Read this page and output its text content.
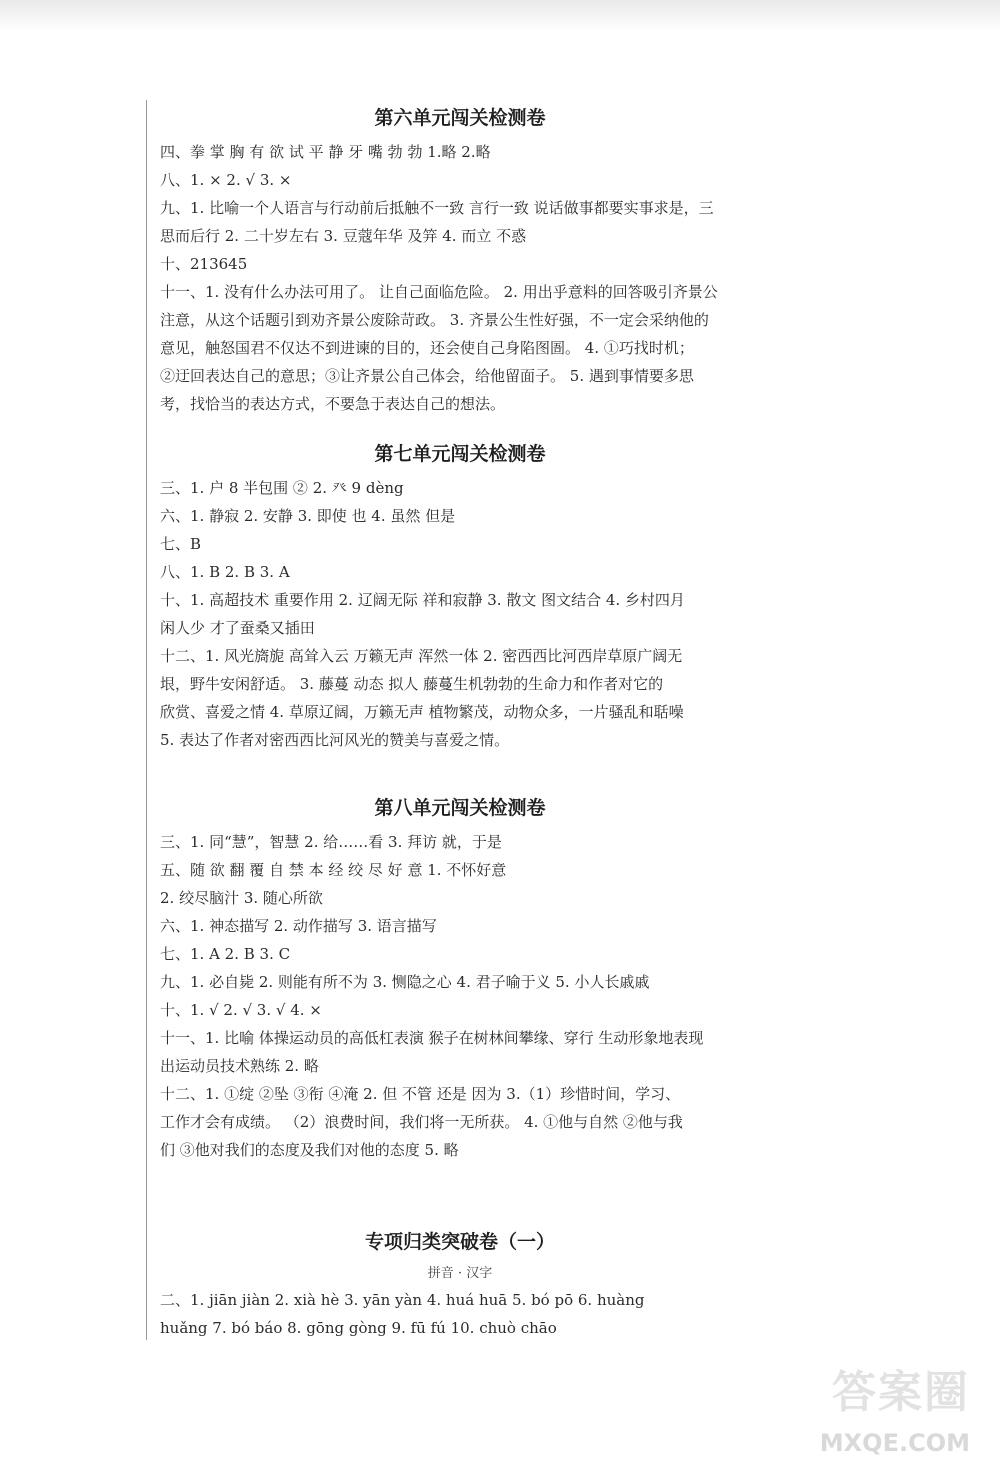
第六单元闯关检测卷

四、拳 掌 胸 有 欲 试 平 静 牙 嘴 勃 勃 1.略 2.略

八、1. × 2. √ 3. ×

九、1. 比喻一个人语言与行动前后抵触不一致 言行一致 说话做事都要实事求是，三

思而后行 2. 二十岁左右 3. 豆蔻年华 及笄 4. 而立 不惑

十、213645

十一、1. 没有什么办法可用了。 让自己面临危险。 2. 用出乎意料的回答吸引齐景公

注意，从这个话题引到劝齐景公废除苛政。 3. 齐景公生性好强，不一定会采纳他的

意见，触怒国君不仅达不到进谏的目的，还会使自己身陷图圄。 4. ①巧找时机；

②迂回表达自己的意思；③让齐景公自己体会，给他留面子。 5. 遇到事情要多思

考，找恰当的表达方式，不要急于表达自己的想法。

第七单元闯关检测卷

三、1. 户 8 半包围 ② 2. 癶 9 dèng

六、1. 静寂 2. 安静 3. 即使 也 4. 虽然 但是

七、B

八、1. B 2. B 3. A

十、1. 高超技术 重要作用 2. 辽阔无际 祥和寂静 3. 散文 图文结合 4. 乡村四月

闲人少 才了蚕桑又插田

十二、1. 风光旖旎 高耸入云 万籁无声 浑然一体 2. 密西西比河西岸草原广阔无

垠，野牛安闲舒适。 3. 藤蔓 动态 拟人 藤蔓生机勃勃的生命力和作者对它的

欣赏、喜爱之情 4. 草原辽阔，万籁无声 植物繁茂，动物众多，一片骚乱和聒噪

5. 表达了作者对密西西比河风光的赞美与喜爱之情。

第八单元闯关检测卷

三、1. 同“慧”，智慧 2. 给……看 3. 拜访 就，于是

五、随 欲 翻 覆 自 禁 本 经 绞 尽 好 意 1. 不怀好意

2. 绞尽脑汁 3. 随心所欲

六、1. 神态描写 2. 动作描写 3. 语言描写

七、1. A 2. B 3. C

九、1. 必自毙 2. 则能有所不为 3. 恻隐之心 4. 君子喻于义 5. 小人长戚戚

十、1. √ 2. √ 3. √ 4. ×

十一、1. 比喻 体操运动员的高低杠表演 猴子在树林间攀缘、穿行 生动形象地表现

出运动员技术熟练 2. 略

十二、1. ①绽 ②坠 ③衔 ④淹 2. 但 不管 还是 因为 3.（1）珍惜时间，学习、

工作才会有成绩。 （2）浪费时间，我们将一无所获。 4. ①他与自然 ②他与我

们 ③他对我们的态度及我们对他的态度 5. 略

专项归类突破卷（一）

拼音 · 汉字

二、1. jiān jiàn 2. xià hè 3. yān yàn 4. huá huā 5. bó pō 6. huàng

huǎng 7. bó báo 8. gōng gòng 9. fū fú 10. chuò chāo

答案圈
MXQE.COM
